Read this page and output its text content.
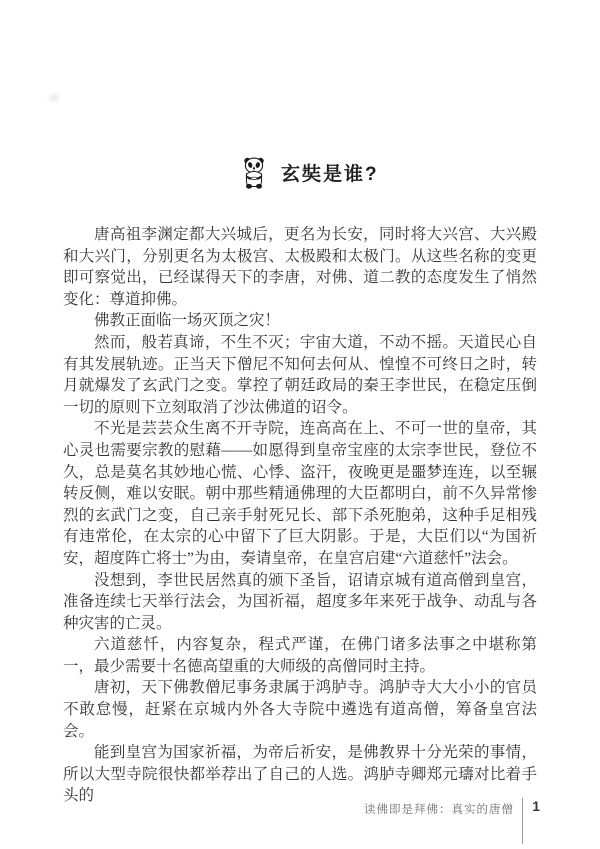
玄奘是谁?

唐高祖李渊定都大兴城后，更名为长安，同时将大兴宫、大兴殿和大兴门，分别更名为太极宫、太极殿和太极门。从这些名称的变更即可察觉出，已经谋得天下的李唐，对佛、道二教的态度发生了悄然变化：尊道抑佛。

佛教正面临一场灭顶之灾！

然而，般若真谛，不生不灭；宇宙大道，不动不摇。天道民心自有其发展轨迹。正当天下僧尼不知何去何从、惶惶不可终日之时，转月就爆发了玄武门之变。掌控了朝廷政局的秦王李世民，在稳定压倒一切的原则下立刻取消了沙汰佛道的诏令。

不光是芸芸众生离不开寺院，连高高在上、不可一世的皇帝，其心灵也需要宗教的慰藉——如愿得到皇帝宝座的太宗李世民，登位不久，总是莫名其妙地心慌、心悸、盗汗，夜晚更是噩梦连连，以至辗转反侧，难以安眠。朝中那些精通佛理的大臣都明白，前不久异常惨烈的玄武门之变，自己亲手射死兄长、部下杀死胞弟，这种手足相残有违常伦，在太宗的心中留下了巨大阴影。于是，大臣们以“为国祈安，超度阵亡将士”为由，奏请皇帝，在皇宫启建“六道慈忏”法会。

没想到，李世民居然真的颁下圣旨，诏请京城有道高僧到皇宫，准备连续七天举行法会，为国祈福，超度多年来死于战争、动乱与各种灾害的亡灵。

六道慈忏，内容复杂，程式严谨，在佛门诸多法事之中堪称第一，最少需要十名德高望重的大师级的高僧同时主持。

唐初，天下佛教僧尼事务隶属于鸿胪寺。鸿胪寺大大小小的官员不敢怠慢，赶紧在京城内外各大寺院中遴选有道高僧，筹备皇宫法会。

能到皇宫为国家祈福，为帝后祈安，是佛教界十分光荣的事情，所以大型寺院很快都举荐出了自己的人选。鸿胪寺卿郑元璹对比着手头的

读佛即是拜佛：真实的唐僧 1
